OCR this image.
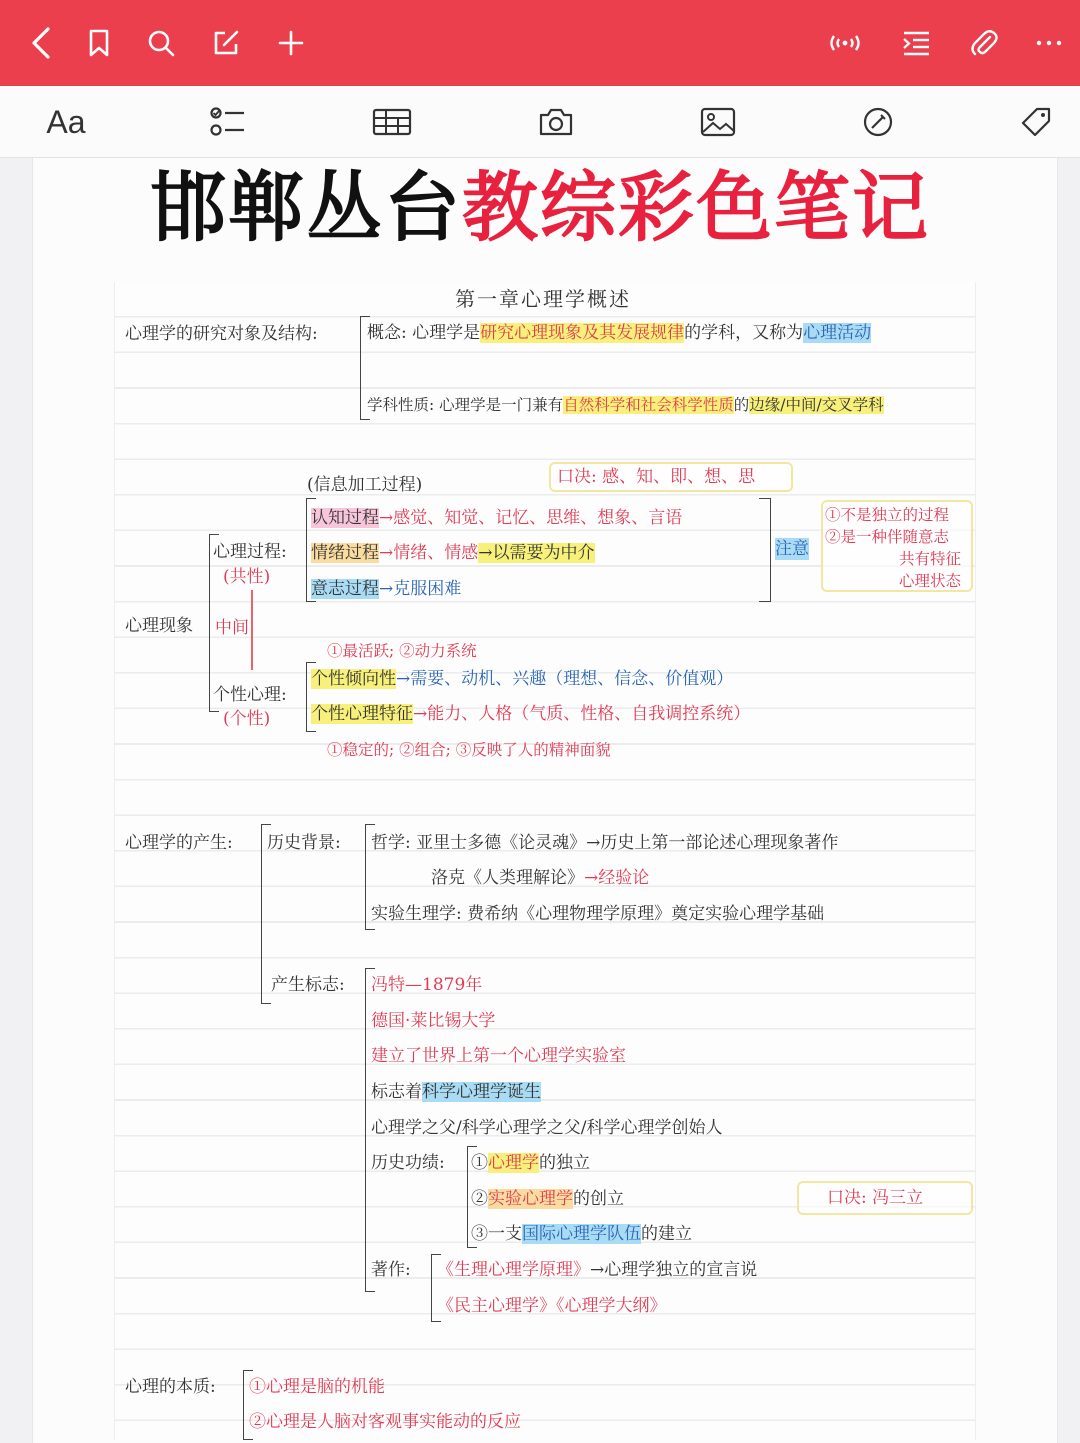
Aa
邯郸丛台教综彩色笔记
第一章心理学概述
心理学的研究对象及结构:	概念: 心理学是研究心理现象及其发展规律的学科，又称为心理活动
学科性质: 心理学是一门兼有自然科学和社会科学性质的边缘/中间/交叉学科
(信息加工过程)	口决: 感、知、即、想、思
心理现象
心理过程:
(共性)
中间
认知过程→感觉、知觉、记忆、思维、想象、言语
情绪过程→情绪、情感→以需要为中介
意志过程→克服困难
注意
①不是独立的过程
②是一种伴随意志
共有特征
心理状态
个性心理:
(个性)
①最活跃; ②动力系统
个性倾向性→需要、动机、兴趣（理想、信念、价值观）
个性心理特征→能力、人格（气质、性格、自我调控系统）
①稳定的; ②组合; ③反映了人的精神面貌
心理学的产生: 历史背景: 哲学: 亚里士多德《论灵魂》→历史上第一部论述心理现象著作
洛克《人类理解论》→经验论
实验生理学: 费希纳《心理物理学原理》奠定实验心理学基础
产生标志: 冯特—1879年
德国·莱比锡大学
建立了世界上第一个心理学实验室
标志着科学心理学诞生
心理学之父/科学心理学之父/科学心理学创始人
历史功绩: ①心理学的独立
②实验心理学的创立
③一支国际心理学队伍的建立
口决: 冯三立
著作: 《生理心理学原理》→心理学独立的宣言说
《民主心理学》《心理学大纲》
心理的本质: ①心理是脑的机能
②心理是人脑对客观事实能动的反应
